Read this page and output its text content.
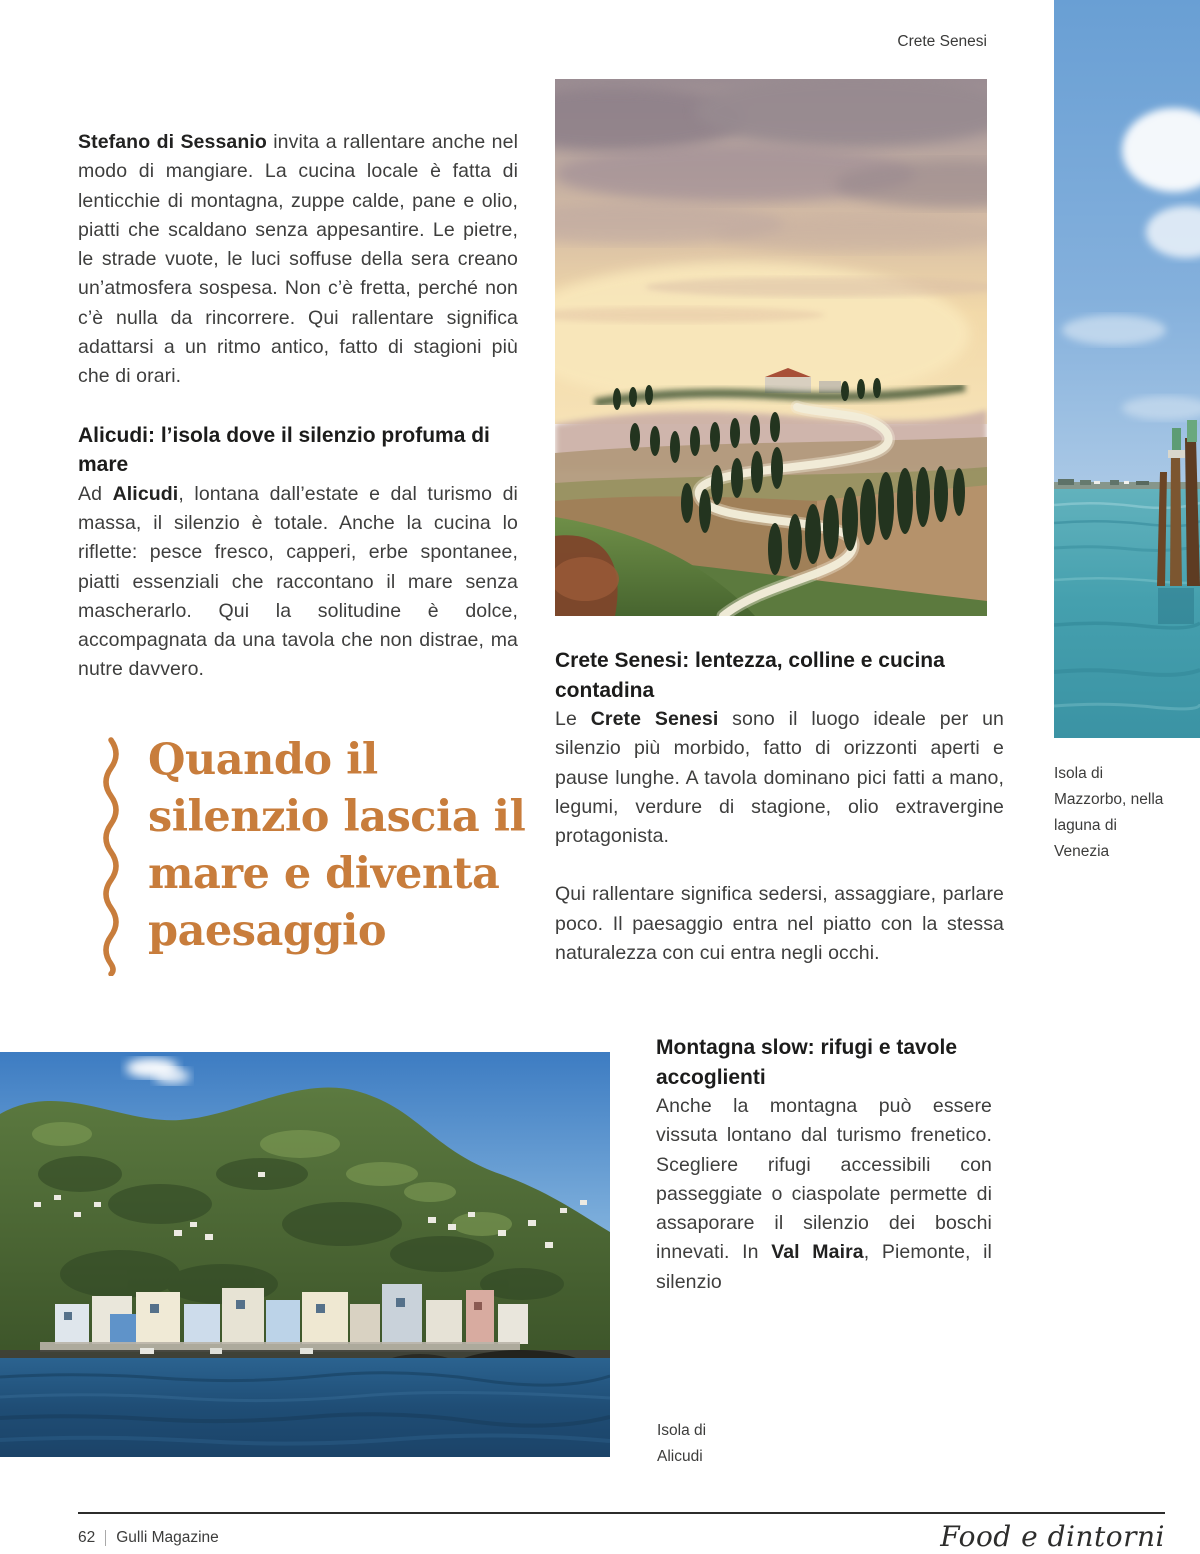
Crete Senesi

Stefano di Sessanio invita a rallentare anche nel modo di mangiare. La cucina locale è fatta di lenticchie di montagna, zuppe calde, pane e olio, piatti che scaldano senza appesantire. Le pietre, le strade vuote, le luci soffuse della sera creano un’atmosfera sospesa. Non c’è fretta, perché non c’è nulla da rincorrere. Qui rallentare significa adattarsi a un ritmo antico, fatto di stagioni più che di orari.

Alicudi: l’isola dove il silenzio profuma di mare

Ad Alicudi, lontana dall’estate e dal turismo di massa, il silenzio è totale. Anche la cucina lo riflette: pesce fresco, capperi, erbe spontanee, piatti essenziali che raccontano il mare senza mascherarlo. Qui la solitudine è dolce, accompagnata da una tavola che non distrae, ma nutre davvero.

Quando il
silenzio lascia il
mare e diventa
paesaggio
Crete Senesi: lentezza, colline e cucina contadina

Le Crete Senesi sono il luogo ideale per un silenzio più morbido, fatto di orizzonti aperti e pause lunghe. A tavola dominano pici fatti a mano, legumi, verdure di stagione, olio extravergine protagonista.

Qui rallentare significa sedersi, assaggiare, parlare poco. Il paesaggio entra nel piatto con la stessa naturalezza con cui entra negli occhi.

Isola di Mazzorbo, nella laguna di Venezia
Montagna slow: rifugi e tavole accoglienti

Anche la montagna può essere vissuta lontano dal turismo frenetico. Scegliere rifugi accessibili con passeggiate o ciaspolate permette di assaporare il silenzio dei boschi innevati. In Val Maira, Piemonte, il silenzio

Isola di Alicudi
62 Gulli Magazine	Food e dintorni
